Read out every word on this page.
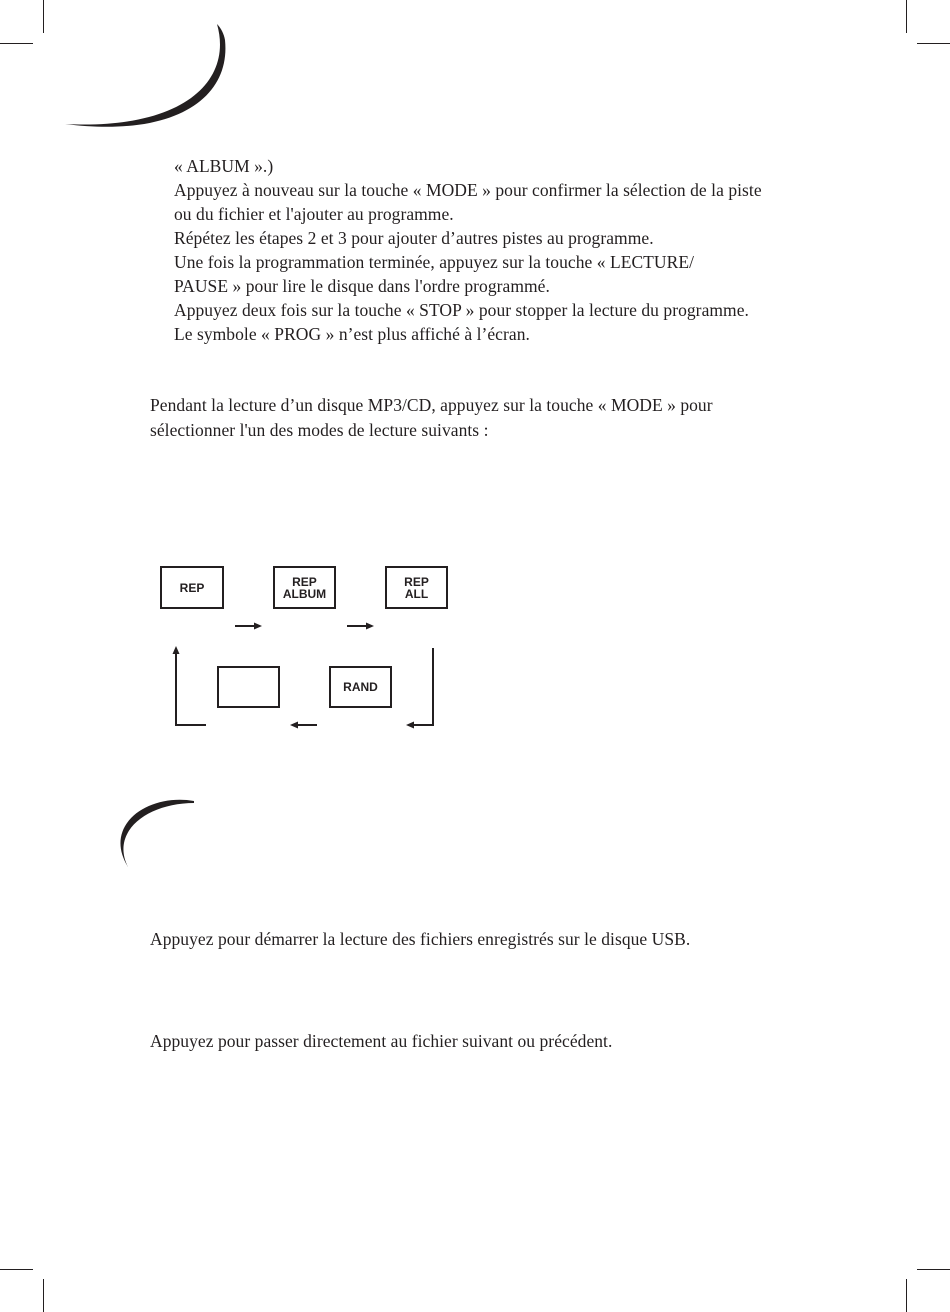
« ALBUM ».)
Appuyez à nouveau sur la touche « MODE » pour confirmer la sélection de la piste
ou du fichier et l'ajouter au programme.
Répétez les étapes 2 et 3 pour ajouter d’autres pistes au programme.
Une fois la programmation terminée, appuyez sur la touche « LECTURE/
PAUSE » pour lire le disque dans l'ordre programmé.
Appuyez deux fois sur la touche « STOP » pour stopper la lecture du programme.
Le symbole « PROG » n’est plus affiché à l’écran.
Pendant la lecture d’un disque MP3/CD, appuyez sur la touche « MODE » pour
sélectionner l'un des modes de lecture suivants :
REP	REP
ALBUM
REP
ALL
RAND
Appuyez pour démarrer la lecture des fichiers enregistrés sur le disque USB.
Appuyez pour passer directement au fichier suivant ou précédent.
